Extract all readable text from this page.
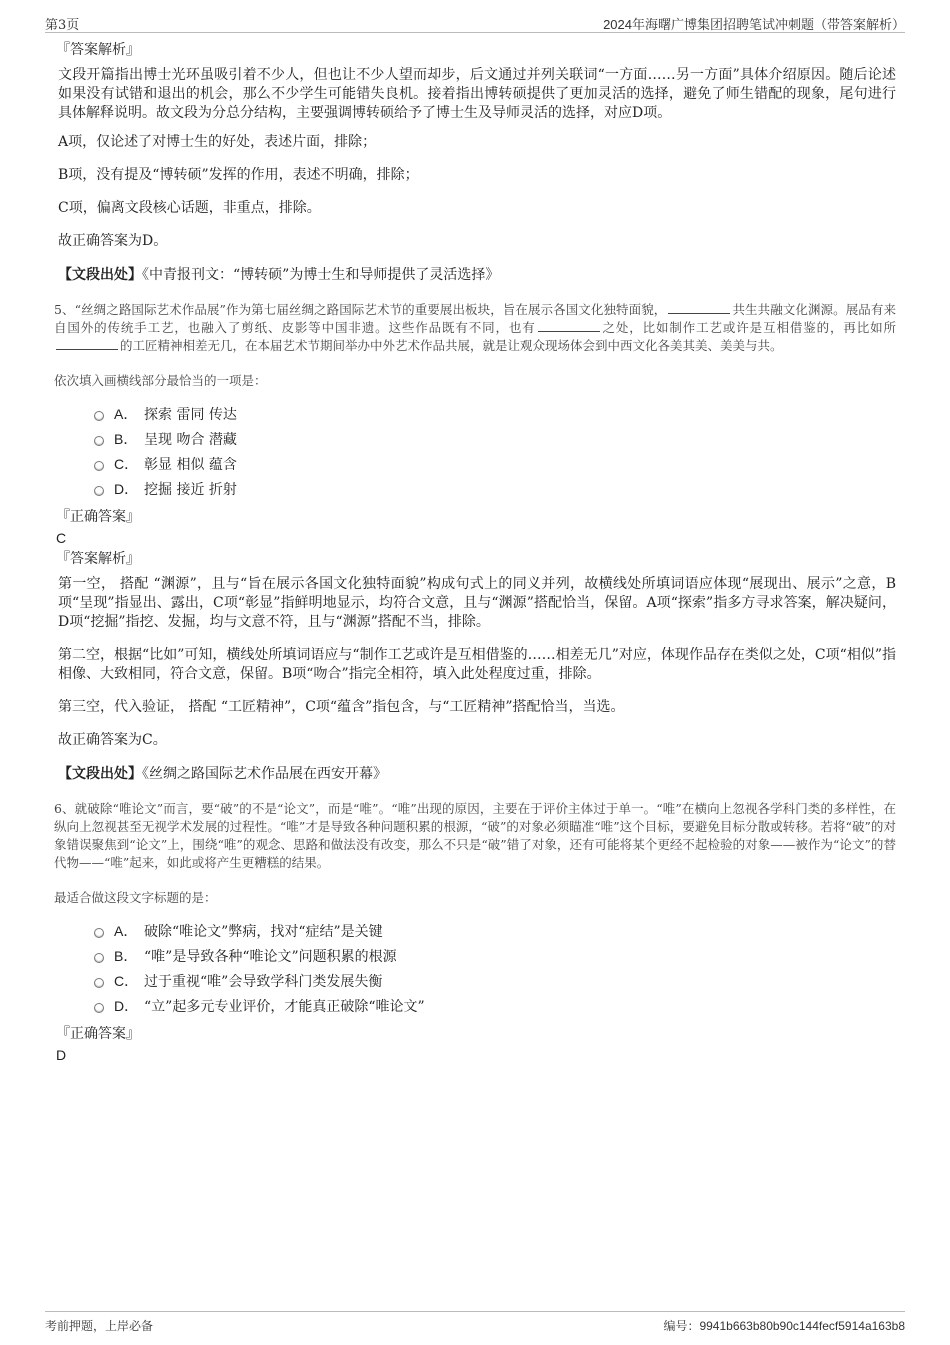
第3页	2024年海曙广博集团招聘笔试冲刺题（带答案解析）
『答案解析』
文段开篇指出博士光环虽吸引着不少人，但也让不少人望而却步，后文通过并列关联词“一方面……另一方面”具体介绍原因。随后论述如果没有试错和退出的机会，那么不少学生可能错失良机。接着指出博转硕提供了更加灵活的选择，避免了师生错配的现象，尾句进行具体解释说明。故文段为分总分结构，主要强调博转硕给予了博士生及导师灵活的选择，对应D项。
A项，仅论述了对博士生的好处，表述片面，排除；
B项，没有提及“博转硕”发挥的作用，表述不明确，排除；
C项，偏离文段核心话题，非重点，排除。
故正确答案为D。
【文段出处】《中青报刊文：“博转硕”为博士生和导师提供了灵活选择》
5、“丝绸之路国际艺术作品展”作为第七届丝绸之路国际艺术节的重要展出板块，旨在展示各国文化独特面貌，	共生共融文化渊源。展品有来自国外的传统手工艺，也融入了剪纸、皮影等中国非遗。这些作品既有不同，也有	之处，比如制作工艺或许是互相借鉴的，再比如所的工匠精神相差无几，在本届艺术节期间举办中外艺术作品共展，就是让观众现场体会到中西文化各美其美、美美与共。
依次填入画横线部分最恰当的一项是：
A． 探索 雷同 传达
B． 呈现 吻合 潜藏
C． 彰显 相似 蕴含
D． 挖掘 接近 折射
『正确答案』
C
『答案解析』
第一空， 搭配 “渊源”，且与“旨在展示各国文化独特面貌”构成句式上的同义并列，故横线处所填词语应体现“展现出、展示”之意，B项“呈现”指显出、露出，C项“彰显”指鲜明地显示，均符合文意，且与“渊源”搭配恰当，保留。A项“探索”指多方寻求答案，解决疑问，D项“挖掘”指挖、发掘，均与文意不符，且与“渊源”搭配不当，排除。
第二空，根据“比如”可知，横线处所填词语应与“制作工艺或许是互相借鉴的……相差无几”对应，体现作品存在类似之处，C项“相似”指相像、大致相同，符合文意，保留。B项“吻合”指完全相符，填入此处程度过重，排除。
第三空，代入验证， 搭配 “工匠精神”，C项“蕴含”指包含，与“工匠精神”搭配恰当，当选。
故正确答案为C。
【文段出处】《丝绸之路国际艺术作品展在西安开幕》
6、就破除“唯论文”而言，要“破”的不是“论文”，而是“唯”。“唯”出现的原因，主要在于评价主体过于单一。“唯”在横向上忽视各学科门类的多样性，在纵向上忽视甚至无视学术发展的过程性。“唯”才是导致各种问题积累的根源，“破”的对象必须瞄准“唯”这个目标，要避免目标分散或转移。若将“破”的对象错误聚焦到“论文”上，围绕“唯”的观念、思路和做法没有改变，那么不只是“破”错了对象，还有可能将某个更经不起检验的对象——被作为“论文”的替代物——“唯”起来，如此或将产生更糟糕的结果。
最适合做这段文字标题的是：
A． 破除“唯论文”弊病，找对“症结”是关键
B． “唯”是导致各种“唯论文”问题积累的根源
C． 过于重视“唯”会导致学科门类发展失衡
D． “立”起多元专业评价，才能真正破除“唯论文”
『正确答案』
D
考前押题，上岸必备	编号：9941b663b80b90c144fecf5914a163b8
